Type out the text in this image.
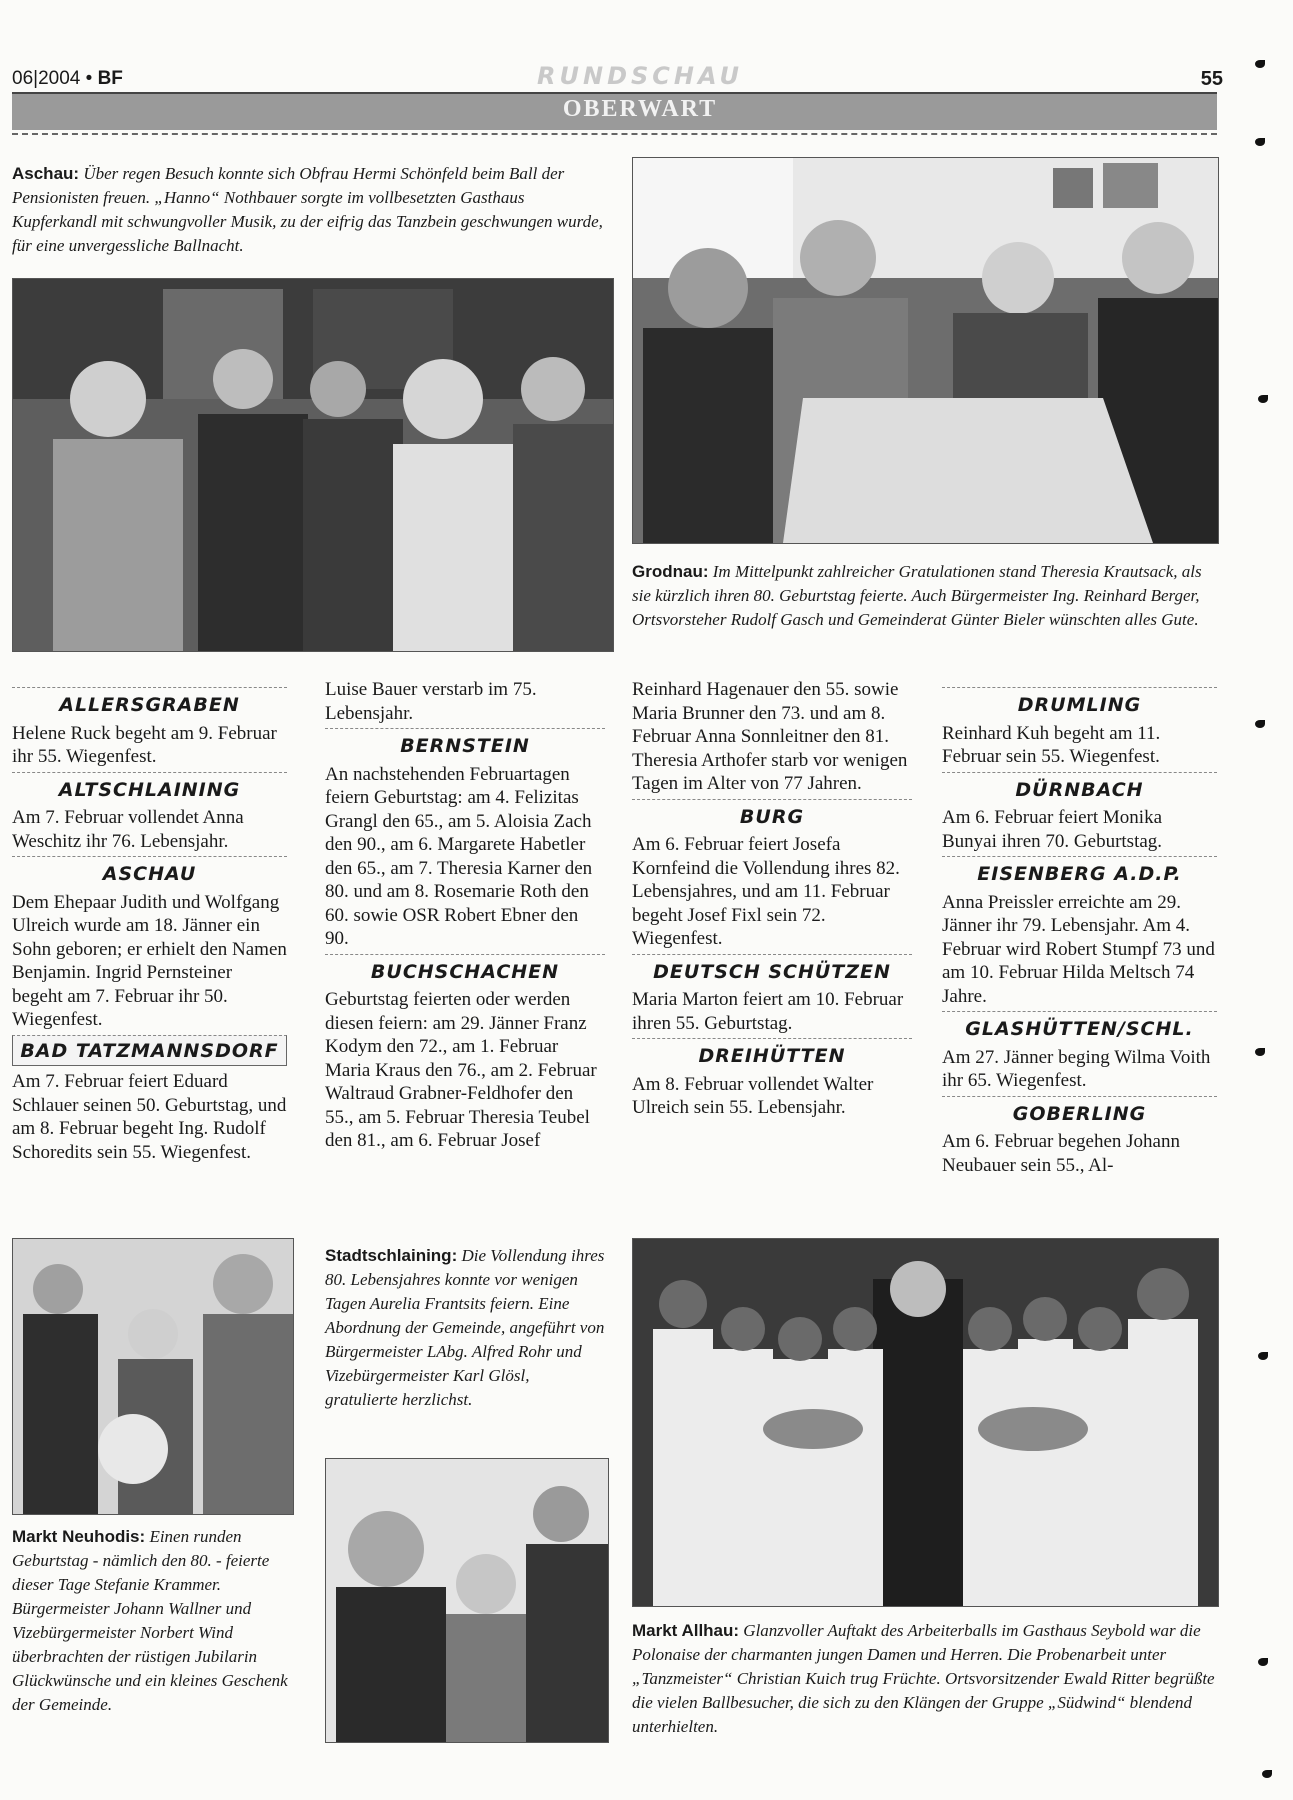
06|2004 • BF	RUNDSCHAU	55
OBERWART
Aschau: Über regen Besuch konnte sich Obfrau Hermi Schönfeld beim Ball der Pensionisten freuen. „Hanno“ Nothbauer sorgte im vollbesetzten Gasthaus Kupferkandl mit schwungvoller Musik, zu der eifrig das Tanzbein geschwungen wurde, für eine unvergessliche Ballnacht.
Grodnau: Im Mittelpunkt zahlreicher Gratulationen stand Theresia Krautsack, als sie kürzlich ihren 80. Geburtstag feierte. Auch Bürgermeister Ing. Reinhard Berger, Ortsvorsteher Rudolf Gasch und Gemeinderat Günter Bieler wünschten alles Gute.
ALLERSGRABEN

Helene Ruck begeht am 9. Februar ihr 55. Wiegenfest.

ALTSCHLAINING

Am 7. Februar vollendet Anna Weschitz ihr 76. Lebensjahr.

ASCHAU

Dem Ehepaar Judith und Wolfgang Ulreich wurde am 18. Jänner ein Sohn geboren; er erhielt den Namen Benjamin. Ingrid Pernsteiner begeht am 7. Februar ihr 50. Wiegenfest.

BAD TATZMANNSDORF

Am 7. Februar feiert Eduard Schlauer seinen 50. Geburtstag, und am 8. Februar begeht Ing. Rudolf Schoredits sein 55. Wiegenfest.

Luise Bauer verstarb im 75. Lebensjahr.

BERNSTEIN

An nachstehenden Februartagen feiern Geburtstag: am 4. Felizitas Grangl den 65., am 5. Aloisia Zach den 90., am 6. Margarete Habetler den 65., am 7. Theresia Karner den 80. und am 8. Rosemarie Roth den 60. sowie OSR Robert Ebner den 90.

BUCHSCHACHEN

Geburtstag feierten oder werden diesen feiern: am 29. Jänner Franz Kodym den 72., am 1. Februar Maria Kraus den 76., am 2. Februar Waltraud Grabner-Feldhofer den 55., am 5. Februar Theresia Teubel den 81., am 6. Februar Josef

Reinhard Hagenauer den 55. sowie Maria Brunner den 73. und am 8. Februar Anna Sonnleitner den 81. Theresia Arthofer starb vor wenigen Tagen im Alter von 77 Jahren.

BURG

Am 6. Februar feiert Josefa Kornfeind die Vollendung ihres 82. Lebensjahres, und am 11. Februar begeht Josef Fixl sein 72. Wiegenfest.

DEUTSCH SCHÜTZEN

Maria Marton feiert am 10. Februar ihren 55. Geburtstag.

DREIHÜTTEN

Am 8. Februar vollendet Walter Ulreich sein 55. Lebensjahr.

DRUMLING

Reinhard Kuh begeht am 11. Februar sein 55. Wiegenfest.

DÜRNBACH

Am 6. Februar feiert Monika Bunyai ihren 70. Geburtstag.

EISENBERG A.D.P.

Anna Preissler erreichte am 29. Jänner ihr 79. Lebensjahr. Am 4. Februar wird Robert Stumpf 73 und am 10. Februar Hilda Meltsch 74 Jahre.

GLASHÜTTEN/SCHL.

Am 27. Jänner beging Wilma Voith ihr 65. Wiegenfest.

GOBERLING

Am 6. Februar begehen Johann Neubauer sein 55., Al-

Markt Neuhodis: Einen runden Geburtstag - nämlich den 80. - feierte dieser Tage Stefanie Krammer. Bürgermeister Johann Wallner und Vizebürgermeister Norbert Wind überbrachten der rüstigen Jubilarin Glückwünsche und ein kleines Geschenk der Gemeinde.
Stadtschlaining: Die Vollendung ihres 80. Lebensjahres konnte vor wenigen Tagen Aurelia Frantsits feiern. Eine Abordnung der Gemeinde, angeführt von Bürgermeister LAbg. Alfred Rohr und Vizebürgermeister Karl Glösl, gratulierte herzlichst.
Markt Allhau: Glanzvoller Auftakt des Arbeiterballs im Gasthaus Seybold war die Polonaise der charmanten jungen Damen und Herren. Die Probenarbeit unter „Tanzmeister“ Christian Kuich trug Früchte. Ortsvorsitzender Ewald Ritter begrüßte die vielen Ballbesucher, die sich zu den Klängen der Gruppe „Südwind“ blendend unterhielten.
